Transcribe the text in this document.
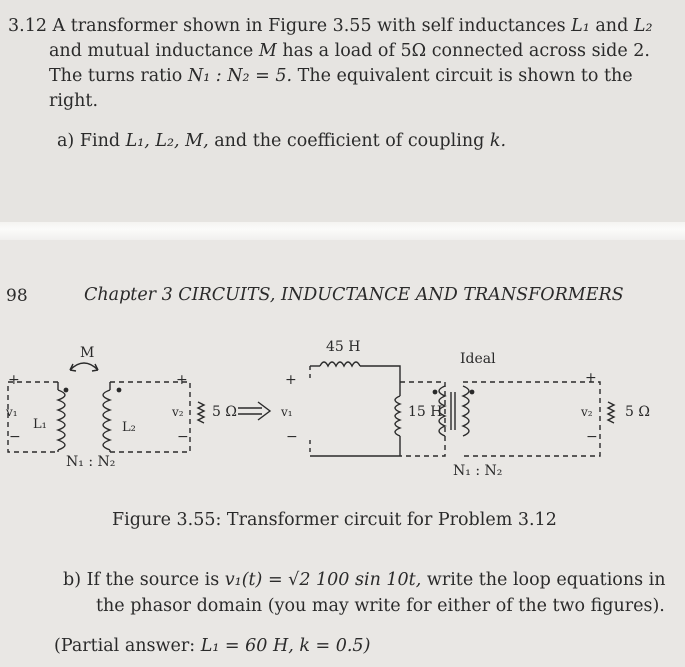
3.12 A transformer shown in Figure 3.55 with self inductances L₁ and L₂
and mutual inductance M has a load of 5Ω connected across side 2.
The turns ratio N₁ : N₂ = 5. The equivalent circuit is shown to the
right.
a) Find L₁, L₂, M, and the coefficient of coupling k.
98	Chapter 3 CIRCUITS, INDUCTANCE AND TRANSFORMERS
M
+
v₁
−
L₁	L₂
+
v₂
−
5 Ω
N₁ : N₂
45 H
+
v₁
−
15 H
Ideal
+
v₂
−
5 Ω
N₁ : N₂
Figure 3.55: Transformer circuit for Problem 3.12
b) If the source is v₁(t) = √2 100 sin 10t, write the loop equations in
the phasor domain (you may write for either of the two figures).
(Partial answer: L₁ = 60 H, k = 0.5)
